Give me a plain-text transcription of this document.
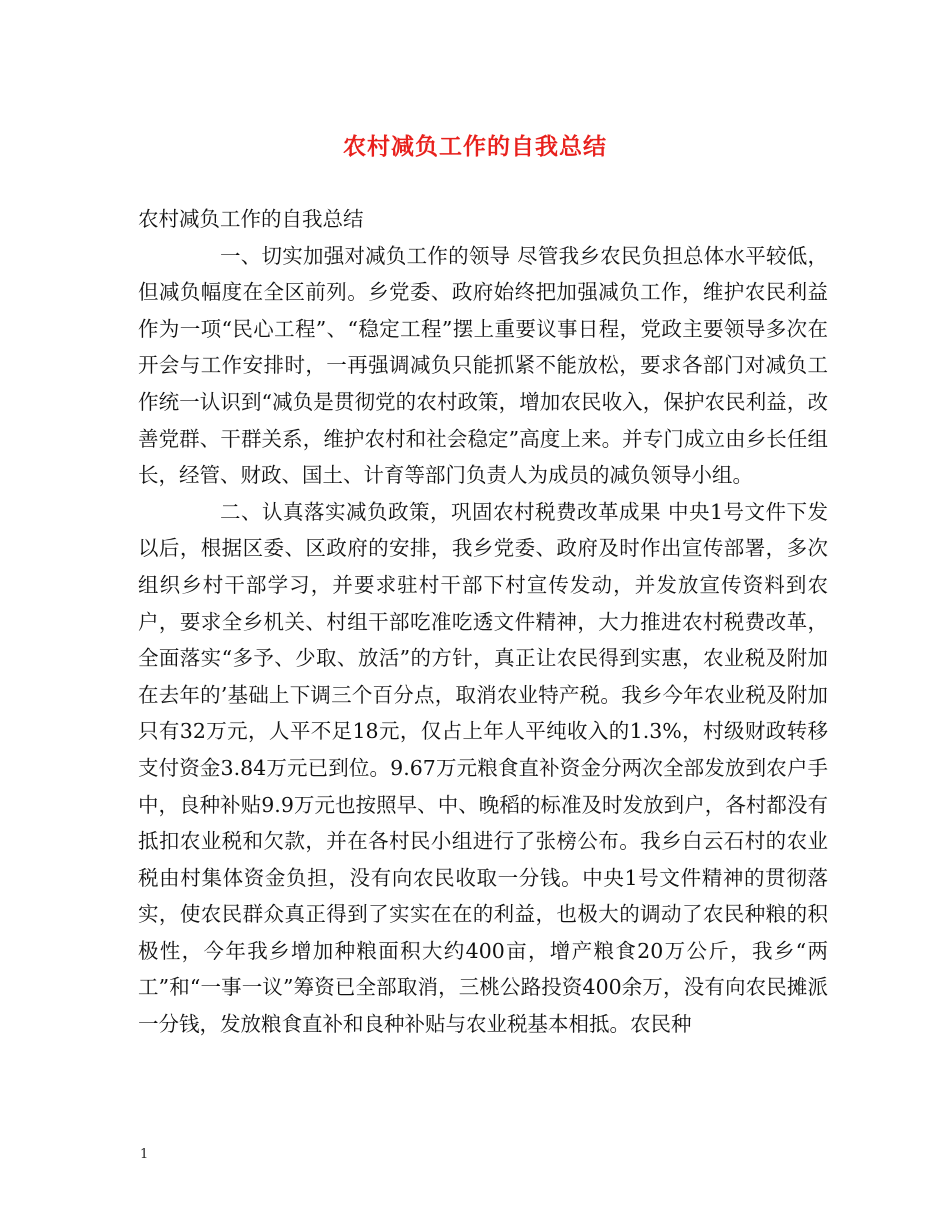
农村减负工作的自我总结

农村减负工作的自我总结

一、切实加强对减负工作的领导 尽管我乡农民负担总体水平较低，但减负幅度在全区前列。乡党委、政府始终把加强减负工作，维护农民利益作为一项“民心工程”、“稳定工程”摆上重要议事日程，党政主要领导多次在开会与工作安排时，一再强调减负只能抓紧不能放松，要求各部门对减负工作统一认识到“减负是贯彻党的农村政策，增加农民收入，保护农民利益，改善党群、干群关系，维护农村和社会稳定”高度上来。并专门成立由乡长任组长，经管、财政、国土、计育等部门负责人为成员的减负领导小组。

二、认真落实减负政策，巩固农村税费改革成果 中央1号文件下发以后，根据区委、区政府的安排，我乡党委、政府及时作出宣传部署，多次组织乡村干部学习，并要求驻村干部下村宣传发动，并发放宣传资料到农户，要求全乡机关、村组干部吃准吃透文件精神，大力推进农村税费改革，全面落实“多予、少取、放活”的方针，真正让农民得到实惠，农业税及附加在去年的’基础上下调三个百分点，取消农业特产税。我乡今年农业税及附加只有32万元，人平不足18元，仅占上年人平纯收入的1.3%，村级财政转移支付资金3.84万元已到位。9.67万元粮食直补资金分两次全部发放到农户手中，良种补贴9.9万元也按照早、中、晚稻的标准及时发放到户，各村都没有抵扣农业税和欠款，并在各村民小组进行了张榜公布。我乡白云石村的农业税由村集体资金负担，没有向农民收取一分钱。中央1号文件精神的贯彻落实，使农民群众真正得到了实实在在的利益，也极大的调动了农民种粮的积极性，今年我乡增加种粮面积大约400亩，增产粮食20万公斤，我乡“两工”和“一事一议”筹资已全部取消，三桃公路投资400余万，没有向农民摊派一分钱，发放粮食直补和良种补贴与农业税基本相抵。农民种

1
